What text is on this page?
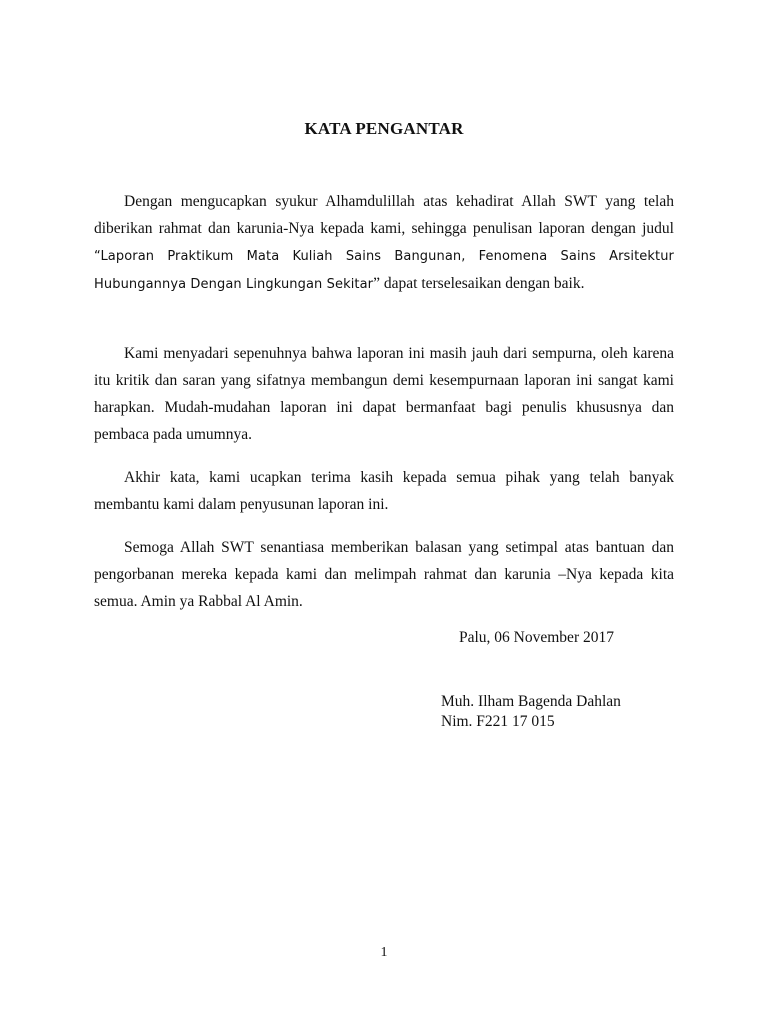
KATA PENGANTAR

Dengan mengucapkan syukur Alhamdulillah atas kehadirat Allah SWT yang telah diberikan rahmat dan karunia-Nya kepada kami, sehingga penulisan laporan dengan judul “Laporan Praktikum Mata Kuliah Sains Bangunan, Fenomena Sains Arsitektur Hubungannya Dengan Lingkungan Sekitar” dapat terselesaikan dengan baik.

Kami menyadari sepenuhnya bahwa laporan ini masih jauh dari sempurna, oleh karena itu kritik dan saran yang sifatnya membangun demi kesempurnaan laporan ini sangat kami harapkan. Mudah-mudahan laporan ini dapat bermanfaat bagi penulis khususnya dan pembaca pada umumnya.

Akhir kata, kami ucapkan terima kasih kepada semua pihak yang telah banyak membantu kami dalam penyusunan laporan ini.

Semoga Allah SWT senantiasa memberikan balasan yang setimpal atas bantuan dan pengorbanan mereka kepada kami dan melimpah rahmat dan karunia –Nya kepada kita semua. Amin ya Rabbal Al Amin.

Palu, 06 November 2017
Muh. Ilham Bagenda Dahlan
Nim. F221 17 015
1
